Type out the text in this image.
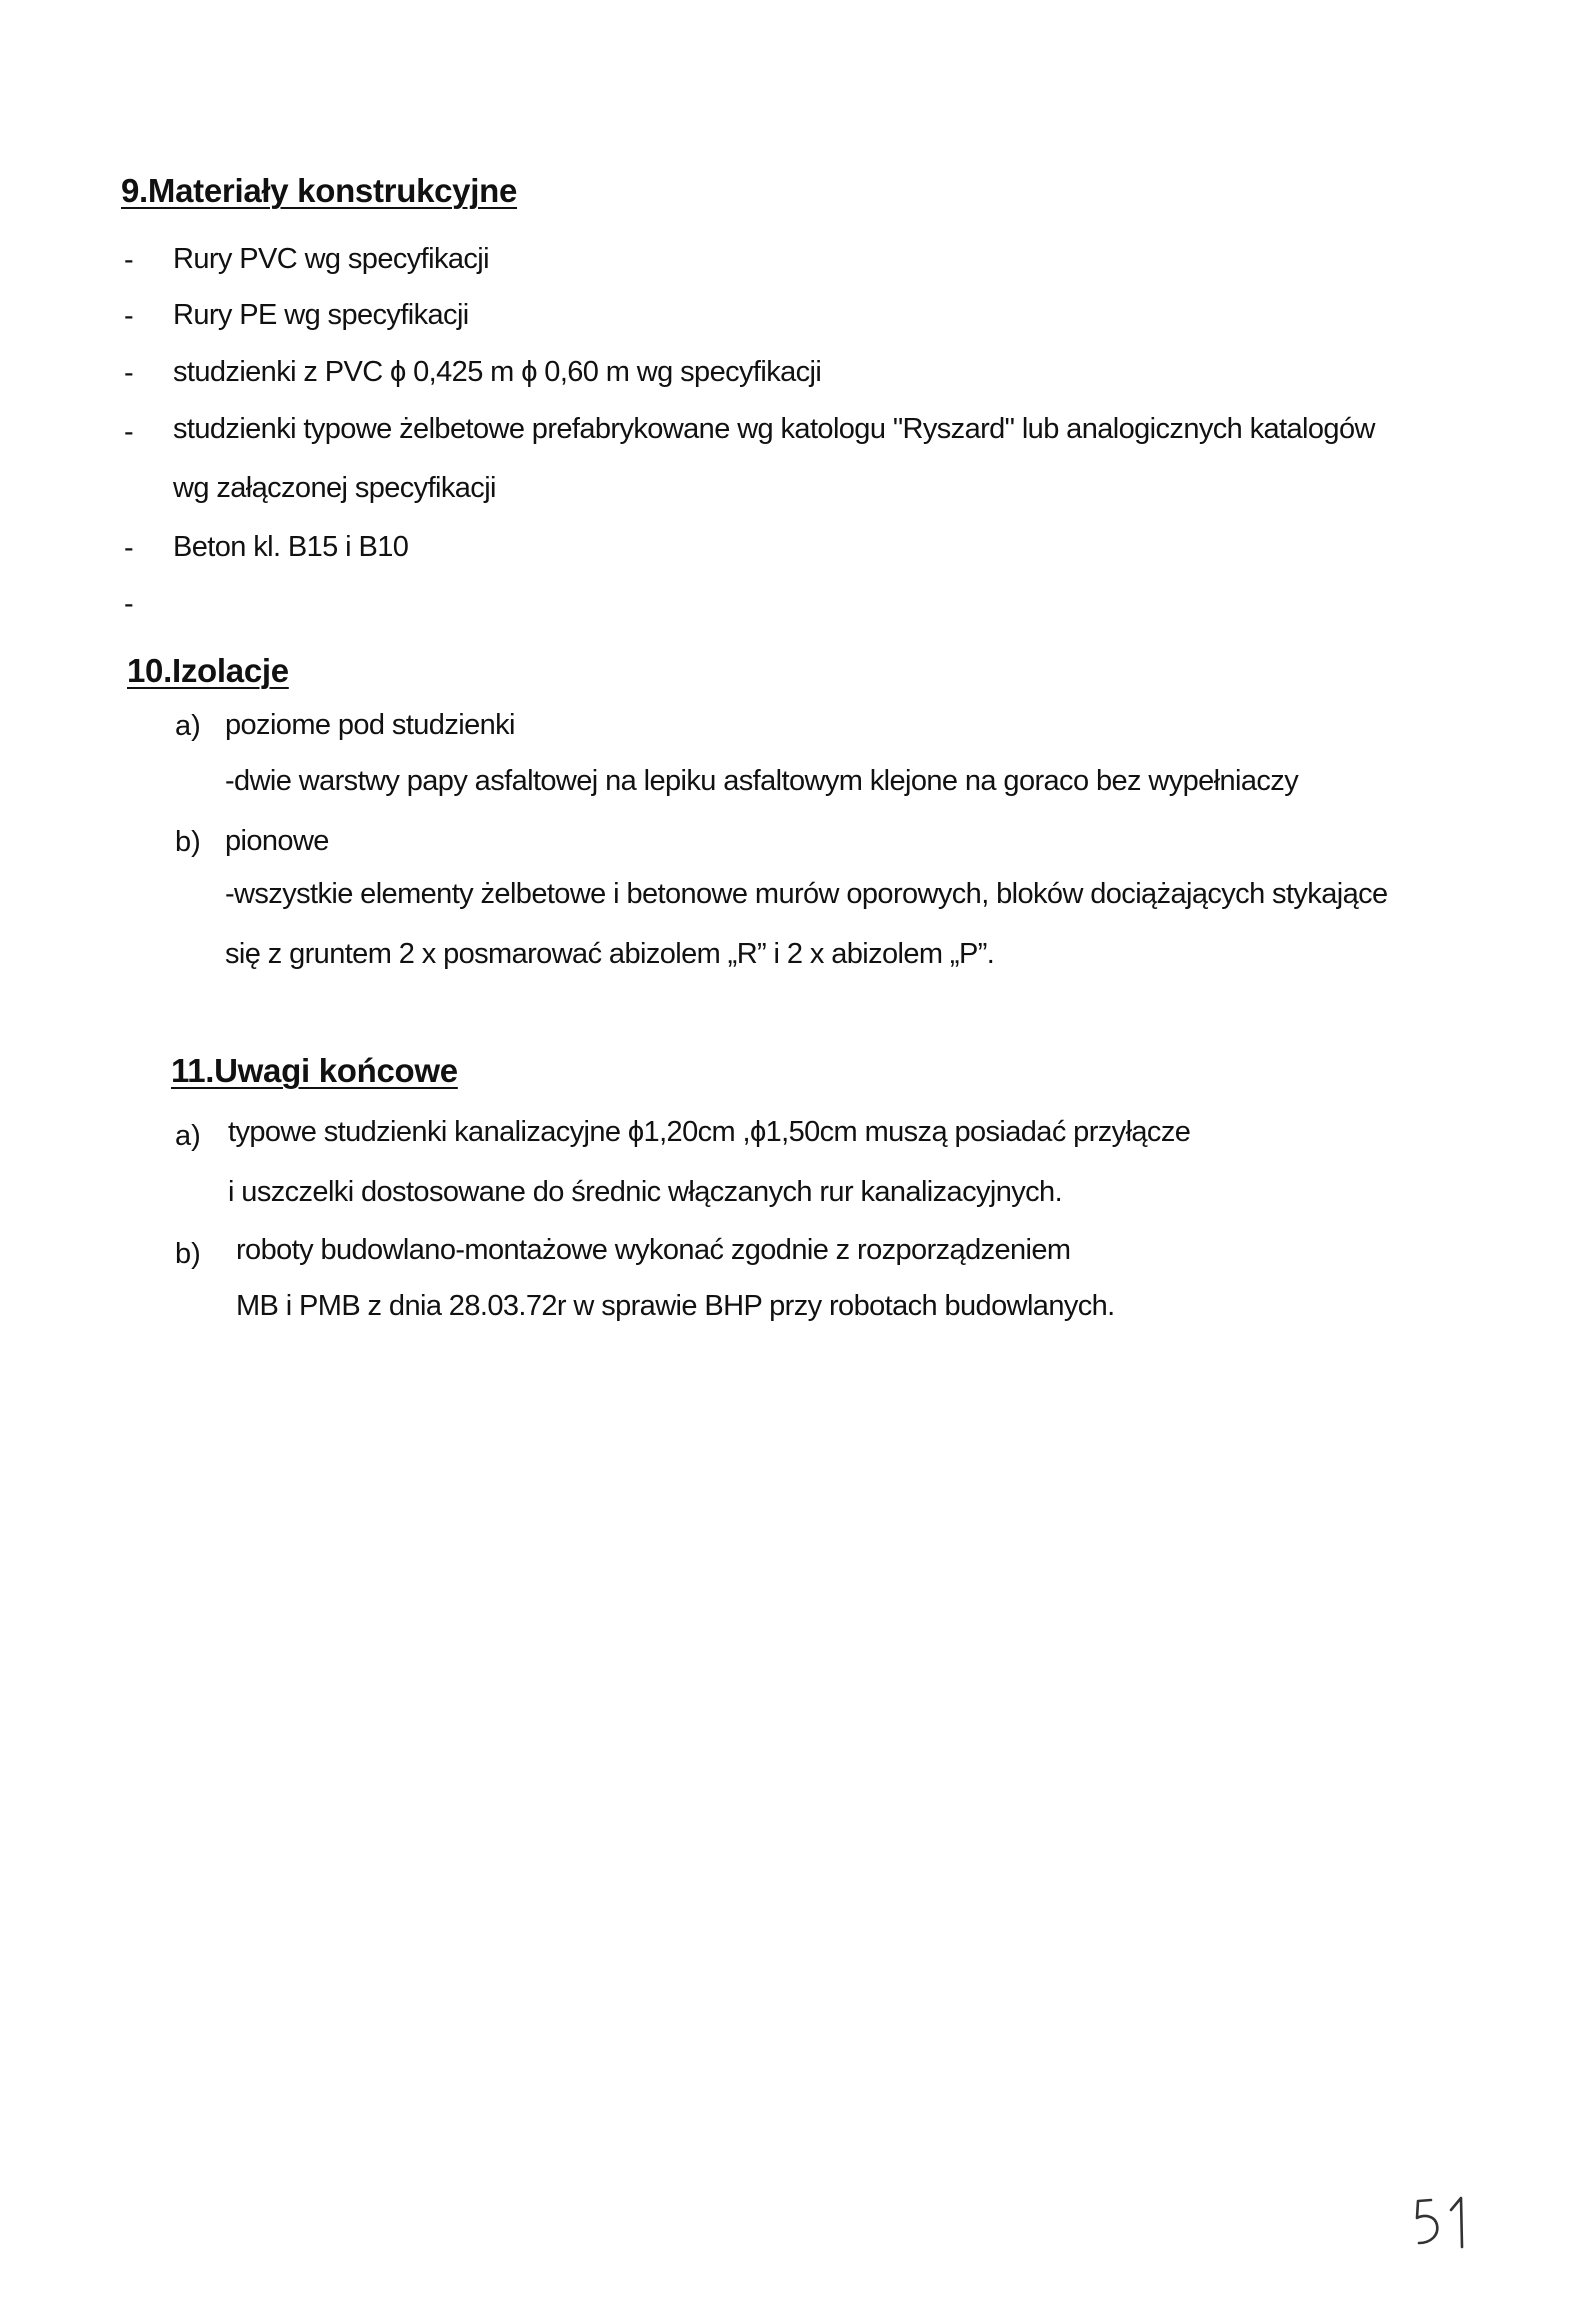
9.Materiały konstrukcyjne
- Rury PVC wg specyfikacji
- Rury PE wg specyfikacji
- studzienki z PVC ϕ 0,425 m ϕ 0,60 m wg specyfikacji
- studzienki typowe żelbetowe prefabrykowane wg katologu "Ryszard" lub analogicznych katalogów
wg załączonej specyfikacji
- Beton kl. B15 i B10
-
10.Izolacje
a) poziome pod studzienki
-dwie warstwy papy asfaltowej na lepiku asfaltowym klejone na goraco bez wypełniaczy
b) pionowe
-wszystkie elementy żelbetowe i betonowe murów oporowych, bloków dociążających stykające
się z gruntem 2 x posmarować abizolem „R” i 2 x abizolem „P”.
11.Uwagi końcowe
a) typowe studzienki kanalizacyjne ϕ1,20cm ,ϕ1,50cm muszą posiadać przyłącze
i uszczelki dostosowane do średnic włączanych rur kanalizacyjnych.
b) roboty budowlano-montażowe wykonać zgodnie z rozporządzeniem
MB i PMB z dnia 28.03.72r w sprawie BHP przy robotach budowlanych.
